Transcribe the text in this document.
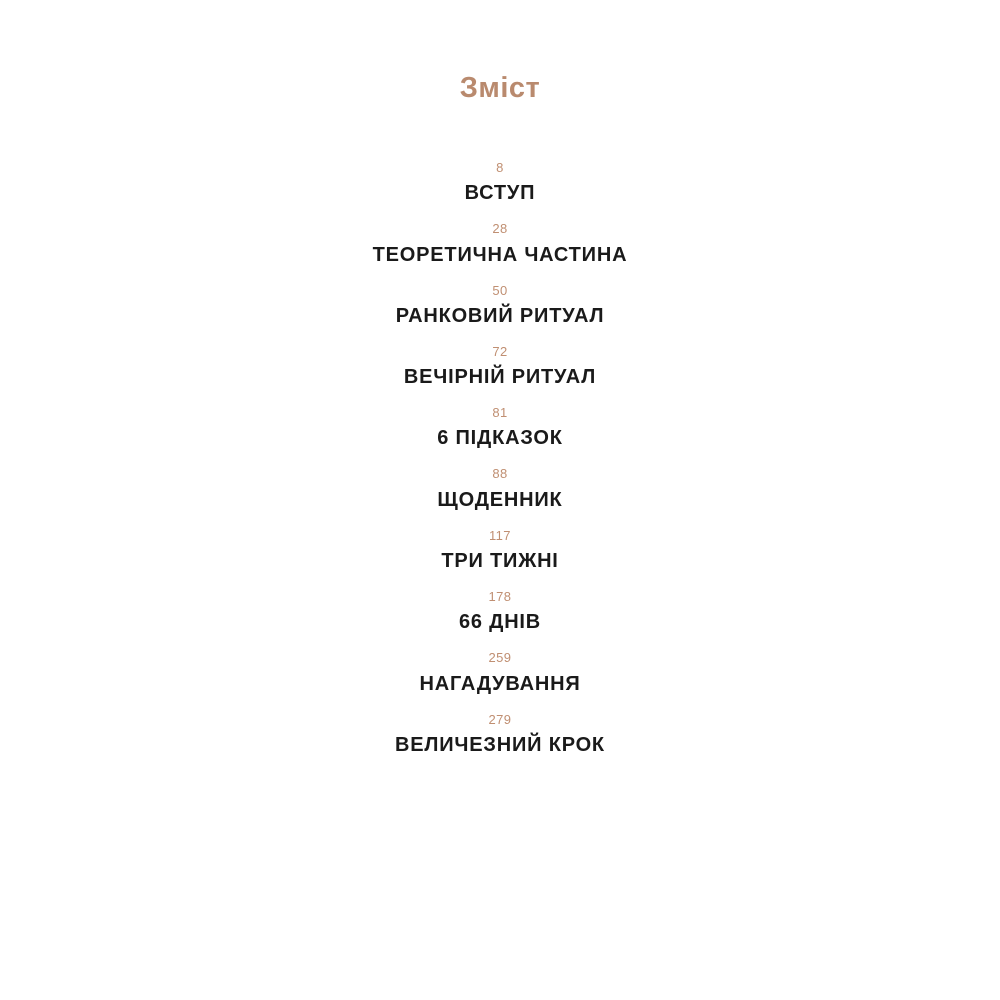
Зміст
8
ВСТУП
28
ТЕОРЕТИЧНА ЧАСТИНА
50
РАНКОВИЙ РИТУАЛ
72
ВЕЧІРНІЙ РИТУАЛ
81
6 ПІДКАЗОК
88
ЩОДЕННИК
117
ТРИ ТИЖНІ
178
66 ДНІВ
259
НАГАДУВАННЯ
279
ВЕЛИЧЕЗНИЙ КРОК
